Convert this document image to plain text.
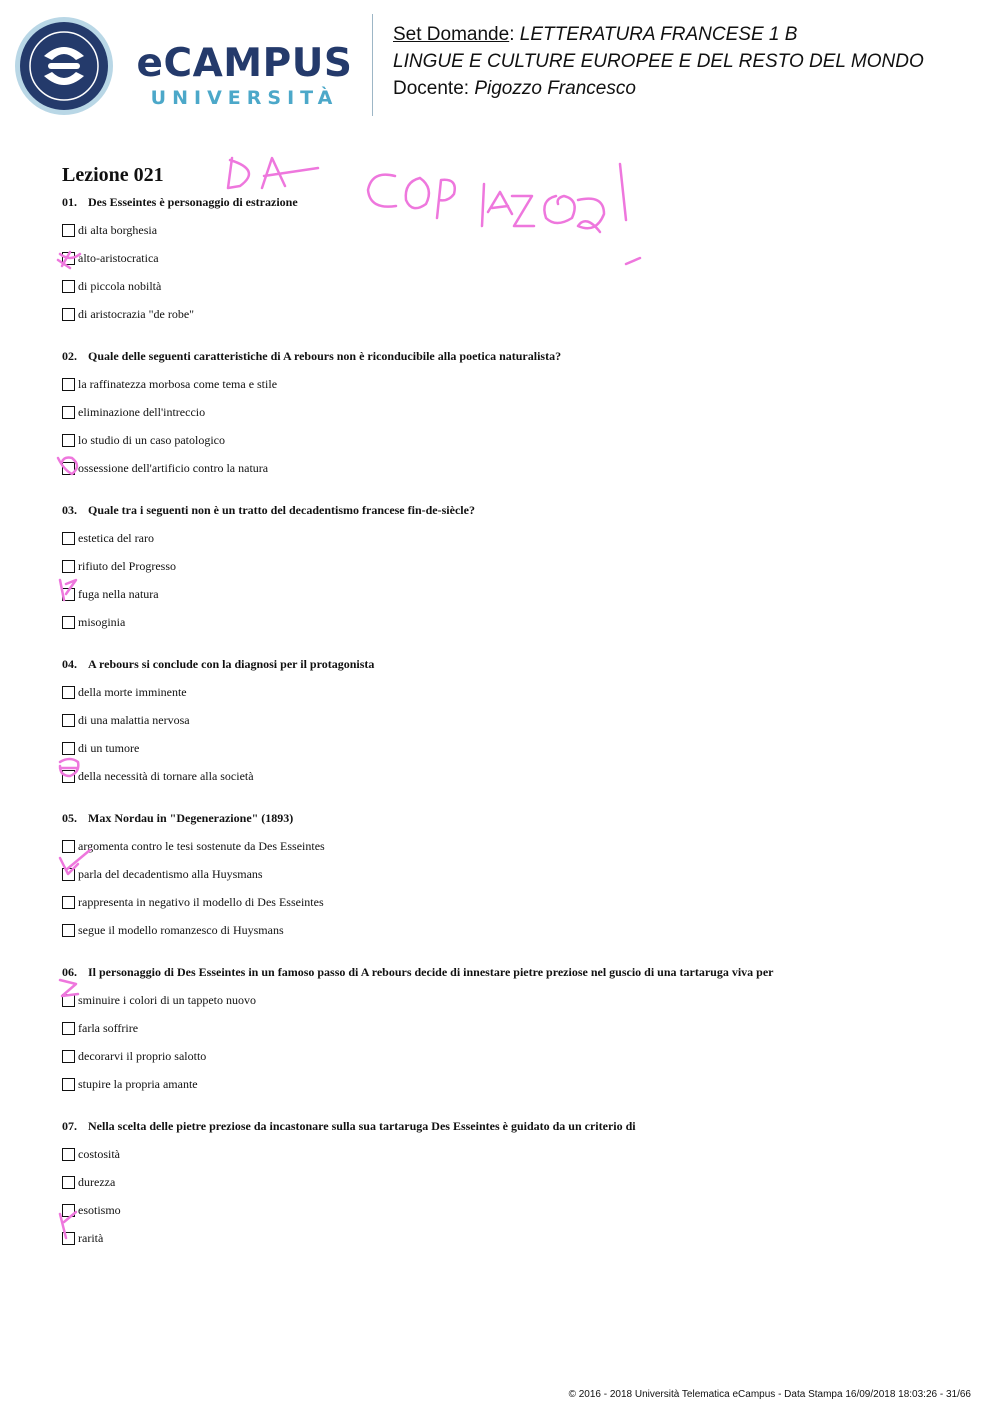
eCAMPUS
UNIVERSITÀ
Set Domande: LETTERATURA FRANCESE 1 B
LINGUE E CULTURE EUROPEE E DEL RESTO DEL MONDO
Docente: Pigozzo Francesco
Lezione 021
01. Des Esseintes è personaggio di estrazione
di alta borghesia
alto-aristocratica
di piccola nobiltà
di aristocrazia "de robe"
02. Quale delle seguenti caratteristiche di A rebours non è riconducibile alla poetica naturalista?
la raffinatezza morbosa come tema e stile
eliminazione dell'intreccio
lo studio di un caso patologico
ossessione dell'artificio contro la natura
03. Quale tra i seguenti non è un tratto del decadentismo francese fin-de-siècle?
estetica del raro
rifiuto del Progresso
fuga nella natura
misoginia
04. A rebours si conclude con la diagnosi per il protagonista
della morte imminente
di una malattia nervosa
di un tumore
della necessità di tornare alla società
05. Max Nordau in "Degenerazione" (1893)
argomenta contro le tesi sostenute da Des Esseintes
parla del decadentismo alla Huysmans
rappresenta in negativo il modello di Des Esseintes
segue il modello romanzesco di Huysmans
06. Il personaggio di Des Esseintes in un famoso passo di A rebours decide di innestare pietre preziose nel guscio di una tartaruga viva per
sminuire i colori di un tappeto nuovo
farla soffrire
decorarvi il proprio salotto
stupire la propria amante
07. Nella scelta delle pietre preziose da incastonare sulla sua tartaruga Des Esseintes è guidato da un criterio di
costosità
durezza
esotismo
rarità
© 2016 - 2018 Università Telematica eCampus - Data Stampa 16/09/2018 18:03:26 - 31/66
